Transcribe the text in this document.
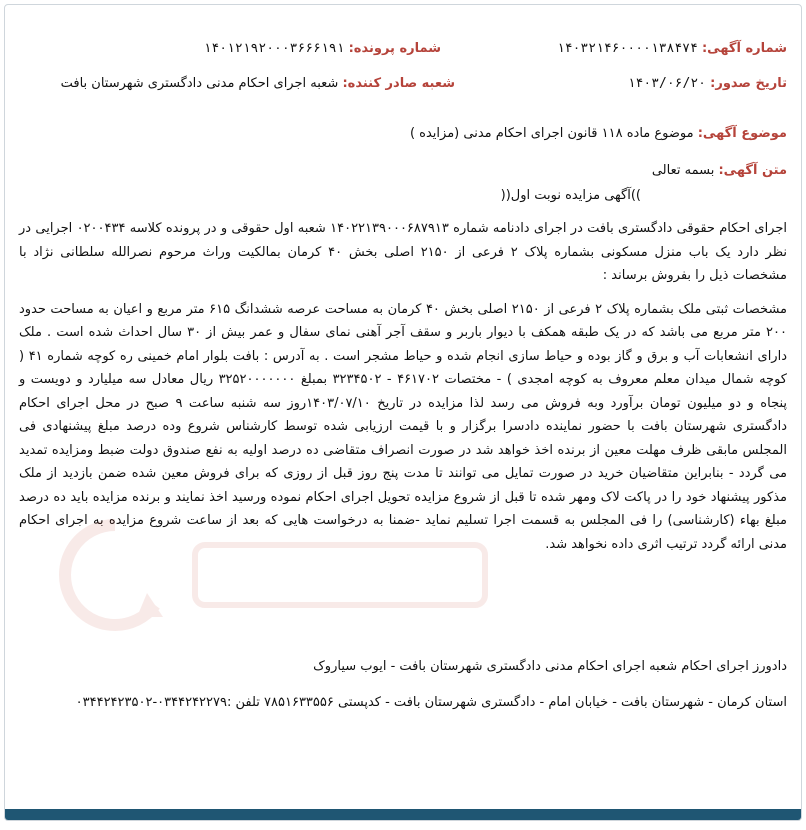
شماره آگهی: ۱۴۰۳۲۱۴۶۰۰۰۰۱۳۸۴۷۴
شماره پرونده: ۱۴۰۱۲۱۹۲۰۰۰۳۶۶۶۱۹۱
تاریخ صدور: ۱۴۰۳/۰۶/۲۰
شعبه صادر کننده: شعبه اجرای احکام مدنی دادگستری شهرستان بافت
موضوع آگهی: موضوع ماده ۱۱۸ قانون اجرای احکام مدنی (مزایده )
متن آگهی: بسمه تعالی
))آگهی مزایده نوبت اول((

اجرای احکام حقوقی دادگستری بافت در اجرای دادنامه شماره ۱۴۰۲۲۱۳۹۰۰۰۶۸۷۹۱۳ شعبه اول حقوقی و در پرونده کلاسه ۰۲۰۰۴۳۴ اجرایی در نظر دارد یک باب منزل مسکونی بشماره پلاک ۲ فرعی از ۲۱۵۰ اصلی بخش ۴۰ کرمان بمالکیت وراث مرحوم نصرالله سلطانی نژاد با مشخصات ذیل را بفروش برساند :

مشخصات ثبتی ملک بشماره پلاک ۲ فرعی از ۲۱۵۰ اصلی بخش ۴۰ کرمان به مساحت عرصه ششدانگ ۶۱۵ متر مربع و اعیان به مساحت حدود ۲۰۰ متر مربع می باشد که در یک طبقه همکف با دیوار باربر و سقف آجر آهنی نمای سفال و عمر بیش از ۳۰ سال احداث شده است . ملک دارای انشعابات آب و برق و گاز بوده و حیاط سازی انجام شده و حیاط مشجر است . به آدرس : بافت بلوار امام خمینی ره کوچه شماره ۴۱ ( کوچه شمال میدان معلم معروف به کوچه امجدی ) - مختصات ۴۶۱۷۰۲ - ۳۲۳۴۵۰۲ بمبلغ ۳۲۵۲۰۰۰۰۰۰۰ ریال معادل سه میلیارد و دویست و پنجاه و دو میلیون تومان برآورد وبه فروش می رسد لذا مزایده در تاریخ ۱۴۰۳/۰۷/۱۰روز سه شنبه ساعت ۹ صبح در محل اجرای احکام دادگستری شهرستان بافت با حضور نماینده دادسرا برگزار و با قیمت ارزیابی شده توسط کارشناس شروع وده درصد مبلغ پیشنهادی فی المجلس مابقی ظرف مهلت معین از برنده اخذ خواهد شد در صورت انصراف متقاضی ده درصد اولیه به نفع صندوق دولت ضبط ومزایده تمدید می گردد - بنابراین متقاضیان خرید در صورت تمایل می توانند تا مدت پنج روز قبل از روزی که برای فروش معین شده ضمن بازدید از ملک مذکور پیشنهاد خود را در پاکت لاک ومهر شده تا قبل از شروع مزایده تحویل اجرای احکام نموده ورسید اخذ نمایند و برنده مزایده باید ده درصد مبلغ بهاء (کارشناسی) را فی المجلس به قسمت اجرا تسلیم نماید -ضمنا به درخواست هایی که بعد از ساعت شروع مزایده به اجرای احکام مدنی ارائه گردد ترتیب اثری داده نخواهد شد.

دادورز اجرای احکام شعبه اجرای احکام مدنی دادگستری شهرستان بافت - ایوب سیاروک

استان کرمان - شهرستان بافت - خیابان امام - دادگستری شهرستان بافت - کدپستی ۷۸۵۱۶۳۳۵۵۶ تلفن :۰۳۴۴۲۴۲۲۷۹-۰۳۴۴۲۴۲۳۵۰۲
